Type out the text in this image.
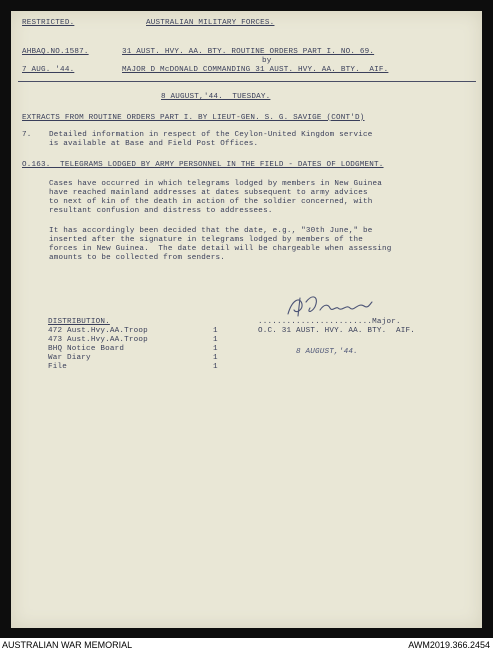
RESTRICTED.	AUSTRALIAN MILITARY FORCES.
AHBAQ.NO.1587.	31 AUST. HVY. AA. BTY. ROUTINE ORDERS PART I. NO. 69.
by
7 AUG. '44.	MAJOR D McDONALD COMMANDING 31 AUST. HVY. AA. BTY.  AIF.
8 AUGUST,'44.  TUESDAY.
EXTRACTS FROM ROUTINE ORDERS PART I. BY LIEUT-GEN. S. G. SAVIGE (CONT'D)
7. Detailed information in respect of the Ceylon-United Kingdom service
is available at Base and Field Post Offices.
O.163.  TELEGRAMS LODGED BY ARMY PERSONNEL IN THE FIELD - DATES OF LODGMENT.
Cases have occurred in which telegrams lodged by members in New Guinea
have reached mainland addresses at dates subsequent to army advices
to next of kin of the death in action of the soldier concerned, with
resultant confusion and distress to addressees.
It has accordingly been decided that the date, e.g., "30th June," be
inserted after the signature in telegrams lodged by members of the
forces in New Guinea.  The date detail will be chargeable when assessing
amounts to be collected from senders.
........................Major.
O.C. 31 AUST. HVY. AA. BTY.  AIF.
8 AUGUST,'44.
DISTRIBUTION.
472 Aust.Hvy.AA.Troop	1
473 Aust.Hvy.AA.Troop	1
BHQ Notice Board	1
War Diary	1
File	1
AUSTRALIAN WAR MEMORIAL	AWM2019.366.2454
